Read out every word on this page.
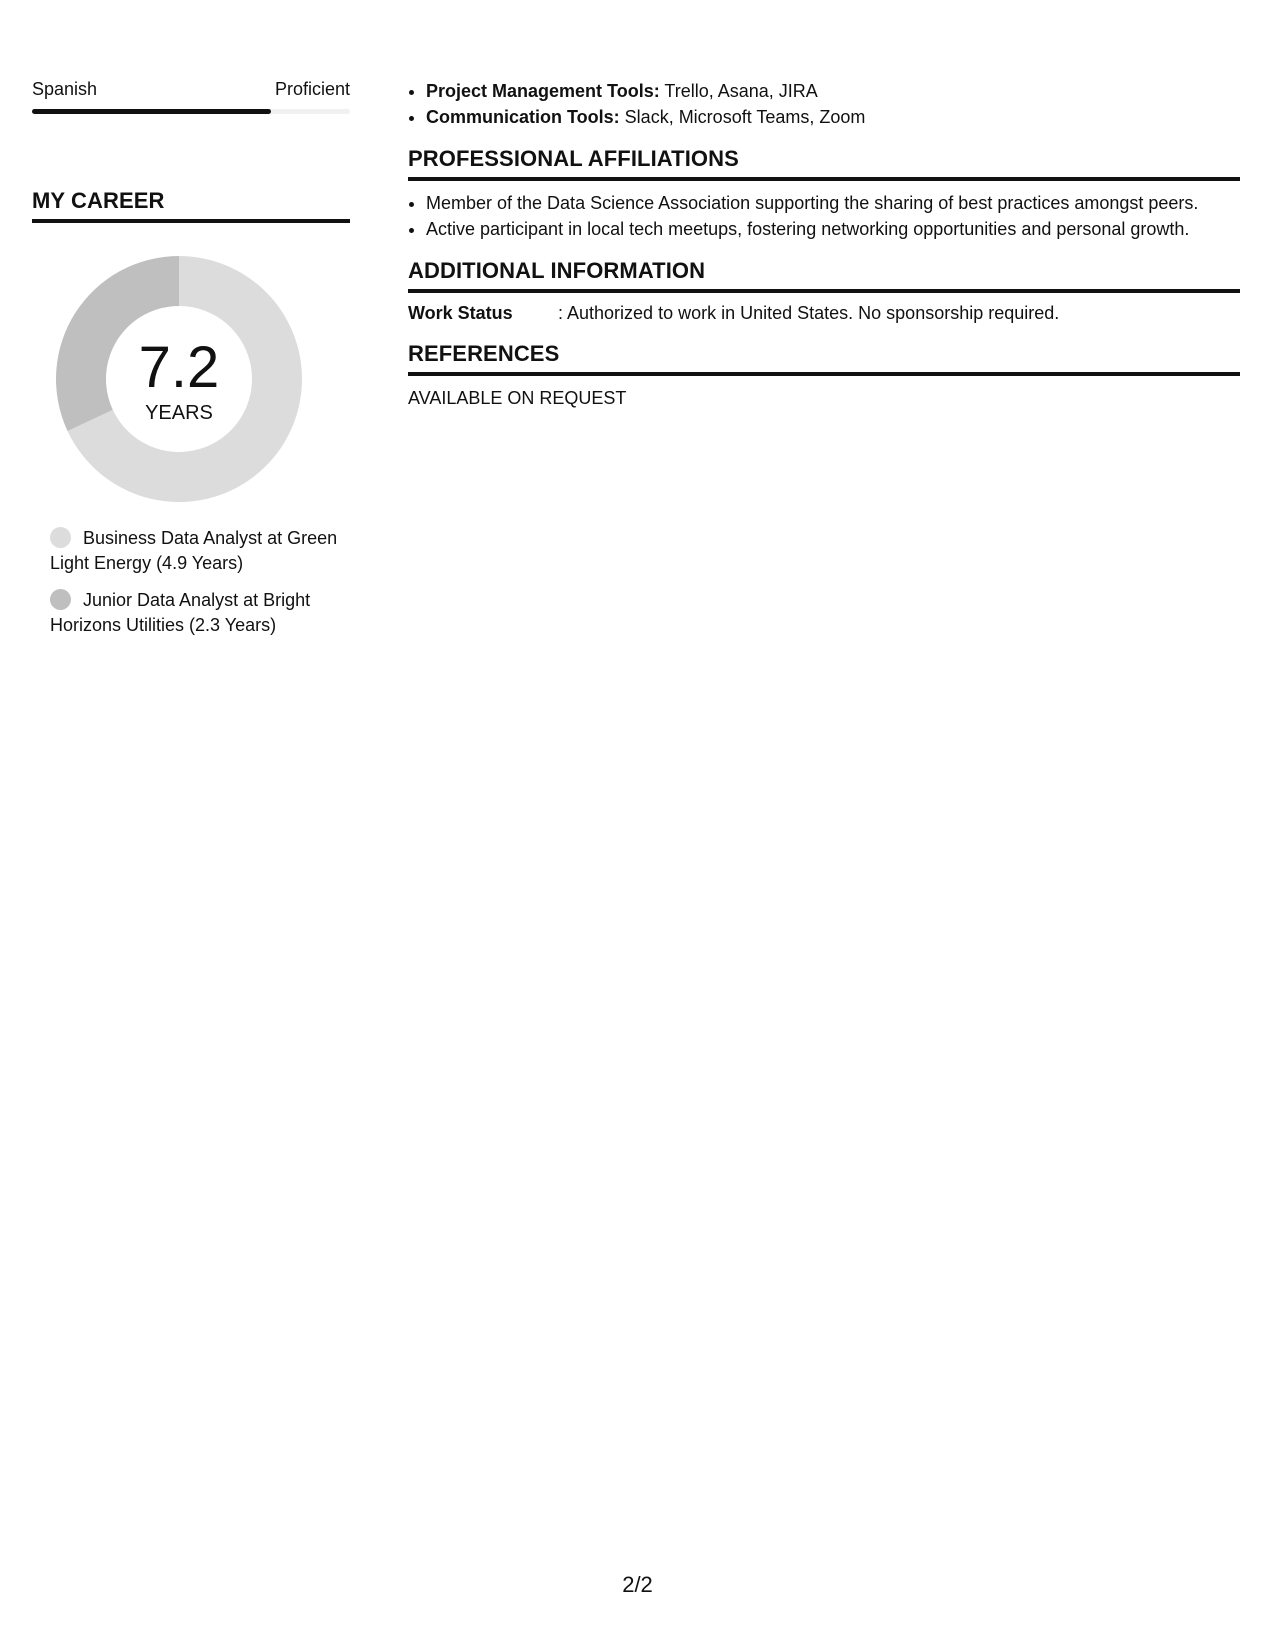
Spanish	Proficient
MY CAREER
7.2
YEARS
Business Data Analyst at Green Light Energy (4.9 Years)
Junior Data Analyst at Bright Horizons Utilities (2.3 Years)
• Project Management Tools: Trello, Asana, JIRA
• Communication Tools: Slack, Microsoft Teams, Zoom
PROFESSIONAL AFFILIATIONS
• Member of the Data Science Association supporting the sharing of best practices amongst peers.
• Active participant in local tech meetups, fostering networking opportunities and personal growth.
ADDITIONAL INFORMATION
Work Status	: Authorized to work in United States. No sponsorship required.
REFERENCES
AVAILABLE ON REQUEST
2/2
